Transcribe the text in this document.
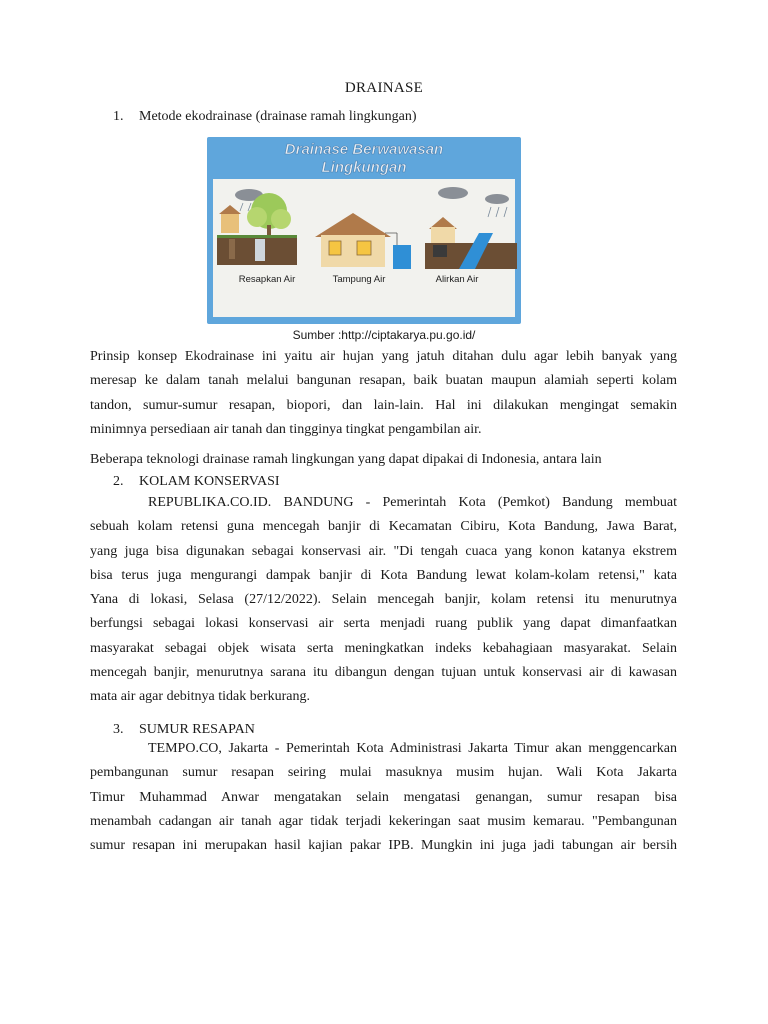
DRAINASE
1. Metode ekodrainase (drainase ramah lingkungan)
Drainase Berwawasan
Lingkungan
Resapkan Air	Tampung Air	Alirkan Air
Sumber :http://ciptakarya.pu.go.id/
Prinsip konsep Ekodrainase ini yaitu air hujan yang jatuh ditahan dulu agar lebih banyak yang
meresap ke dalam tanah melalui bangunan resapan, baik buatan maupun alamiah seperti kolam
tandon, sumur-sumur resapan, biopori, dan lain-lain. Hal ini dilakukan mengingat semakin
minimnya persediaan air tanah dan tingginya tingkat pengambilan air.
Beberapa teknologi drainase ramah lingkungan yang dapat dipakai di Indonesia, antara lain
2. KOLAM KONSERVASI
REPUBLIKA.CO.ID. BANDUNG - Pemerintah Kota (Pemkot) Bandung membuat
sebuah kolam retensi guna mencegah banjir di Kecamatan Cibiru, Kota Bandung, Jawa Barat,
yang juga bisa digunakan sebagai konservasi air. "Di tengah cuaca yang konon katanya ekstrem
bisa terus juga mengurangi dampak banjir di Kota Bandung lewat kolam-kolam retensi," kata
Yana di lokasi, Selasa (27/12/2022). Selain mencegah banjir, kolam retensi itu menurutnya
berfungsi sebagai lokasi konservasi air serta menjadi ruang publik yang dapat dimanfaatkan
masyarakat sebagai objek wisata serta meningkatkan indeks kebahagiaan masyarakat. Selain
mencegah banjir, menurutnya sarana itu dibangun dengan tujuan untuk konservasi air di kawasan
mata air agar debitnya tidak berkurang.
3. SUMUR RESAPAN
TEMPO.CO, Jakarta - Pemerintah Kota Administrasi Jakarta Timur akan menggencarkan
pembangunan sumur resapan seiring mulai masuknya musim hujan. Wali Kota Jakarta
Timur Muhammad Anwar mengatakan selain mengatasi genangan, sumur resapan bisa
menambah cadangan air tanah agar tidak terjadi kekeringan saat musim kemarau. "Pembangunan
sumur resapan ini merupakan hasil kajian pakar IPB. Mungkin ini juga jadi tabungan air bersih
